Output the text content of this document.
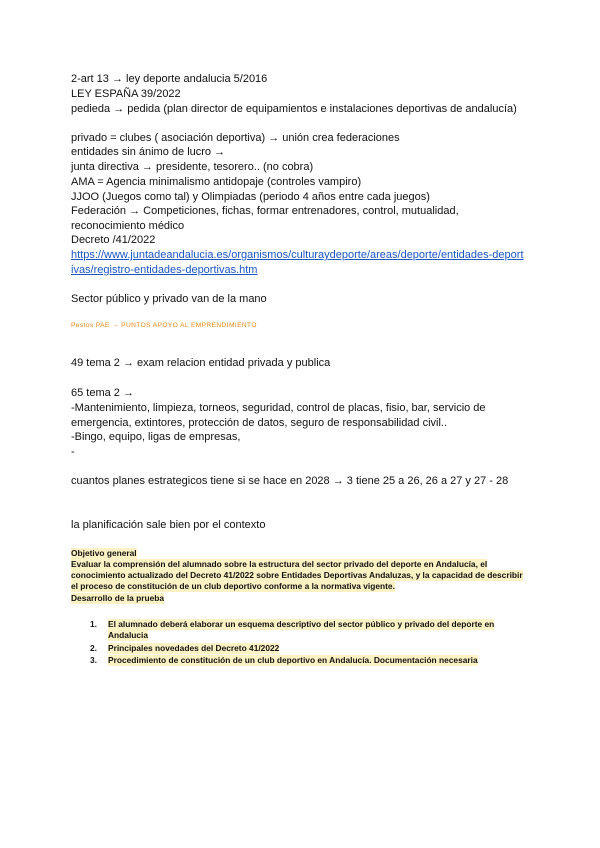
2-art 13 → ley deporte andalucia 5/2016
LEY ESPAÑA 39/2022
pedieda → pedida (plan director de equipamientos e instalaciones deportivas de andalucía)
privado = clubes ( asociación deportiva) → unión crea federaciones
entidades sin ánimo de lucro →
junta directiva → presidente, tesorero.. (no cobra)
AMA = Agencia minimalismo antidopaje (controles vampiro)
JJOO (Juegos como tal) y Olimpiadas (periodo 4 años entre cada juegos)
Federación → Competiciones, fichas, formar entrenadores, control, mutualidad,
reconocimiento médico
Decreto /41/2022
https://www.juntadeandalucia.es/organismos/culturaydeporte/areas/deporte/entidades-deport
ivas/registro-entidades-deportivas.htm
Sector público y privado van de la mano
Pestos PAE → PUNTOS APOYO AL EMPRENDIMIENTO
49 tema 2 → exam relacion entidad privada y publica
65 tema 2 →
-Mantenimiento, limpieza, torneos, seguridad, control de placas, fisio, bar, servicio de
emergencia, extintores, protección de datos, seguro de responsabilidad civil..
-Bingo, equipo, ligas de empresas,
-
cuantos planes estrategicos tiene si se hace en 2028 → 3 tiene 25 a 26, 26 a 27 y 27 - 28
la planificación sale bien por el contexto
Objetivo general
Evaluar la comprensión del alumnado sobre la estructura del sector privado del deporte en Andalucía, el
conocimiento actualizado del Decreto 41/2022 sobre Entidades Deportivas Andaluzas, y la capacidad de describir
el proceso de constitución de un club deportivo conforme a la normativa vigente.
Desarrollo de la prueba
1. El alumnado deberá elaborar un esquema descriptivo del sector público y privado del deporte en
Andalucia
2. Principales novedades del Decreto 41/2022
3. Procedimiento de constitución de un club deportivo en Andalucía. Documentación necesaria
